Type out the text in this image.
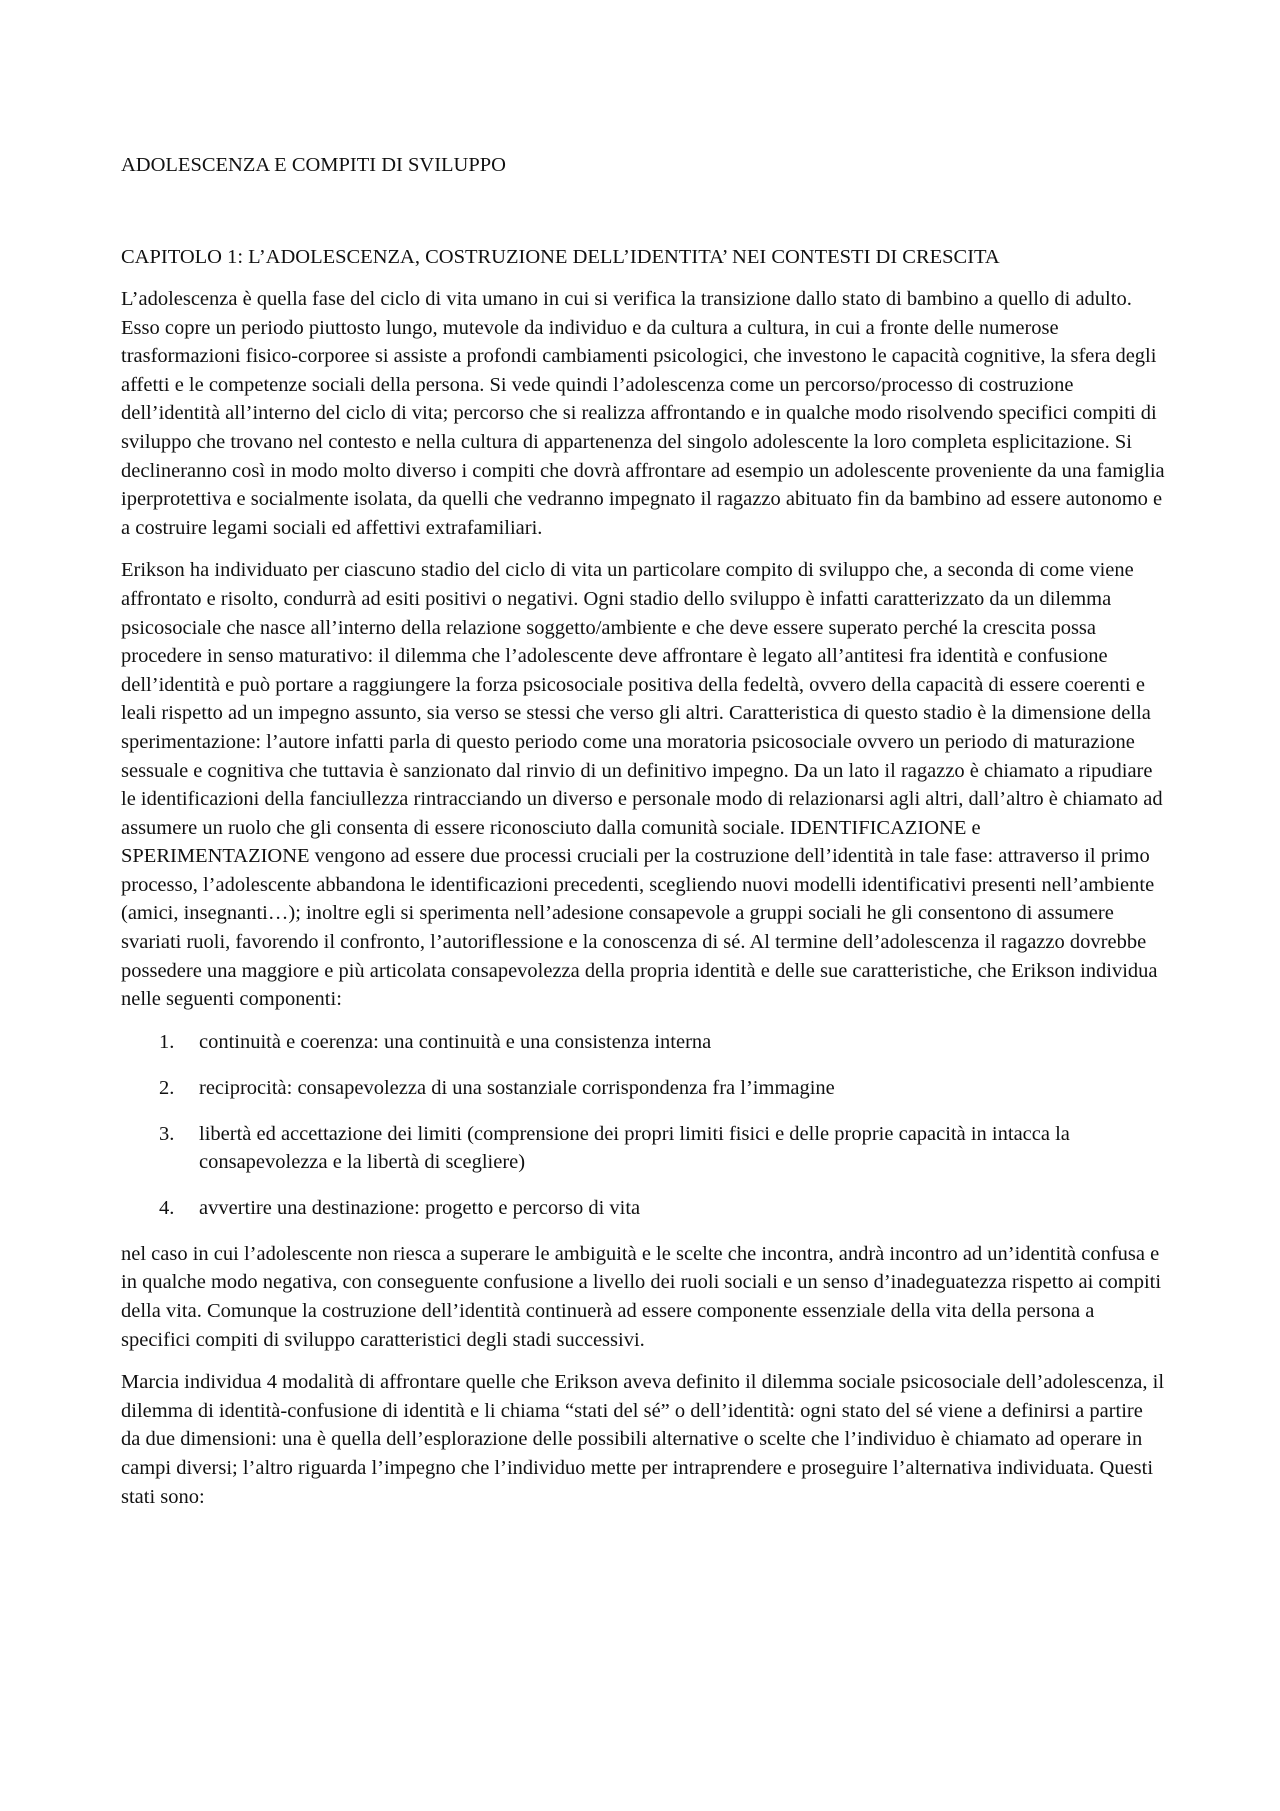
ADOLESCENZA E COMPITI DI SVILUPPO
CAPITOLO 1: L’ADOLESCENZA, COSTRUZIONE DELL’IDENTITA’ NEI CONTESTI DI CRESCITA

L’adolescenza è quella fase del ciclo di vita umano in cui si verifica la transizione dallo stato di bambino a quello di adulto. Esso copre un periodo piuttosto lungo, mutevole da individuo e da cultura a cultura, in cui a fronte delle numerose trasformazioni fisico-corporee si assiste a profondi cambiamenti psicologici, che investono le capacità cognitive, la sfera degli affetti e le competenze sociali della persona. Si vede quindi l’adolescenza come un percorso/processo di costruzione dell’identità all’interno del ciclo di vita; percorso che si realizza affrontando e in qualche modo risolvendo specifici compiti di sviluppo che trovano nel contesto e nella cultura di appartenenza del singolo adolescente la loro completa esplicitazione. Si declineranno così in modo molto diverso i compiti che dovrà affrontare ad esempio un adolescente proveniente da una famiglia iperprotettiva e socialmente isolata, da quelli che vedranno impegnato il ragazzo abituato fin da bambino ad essere autonomo e a costruire legami sociali ed affettivi extrafamiliari.

Erikson ha individuato per ciascuno stadio del ciclo di vita un particolare compito di sviluppo che, a seconda di come viene affrontato e risolto, condurrà ad esiti positivi o negativi. Ogni stadio dello sviluppo è infatti caratterizzato da un dilemma psicosociale che nasce all’interno della relazione soggetto/ambiente e che deve essere superato perché la crescita possa procedere in senso maturativo: il dilemma che l’adolescente deve affrontare è legato all’antitesi fra identità e confusione dell’identità e può portare a raggiungere la forza psicosociale positiva della fedeltà, ovvero della capacità di essere coerenti e leali rispetto ad un impegno assunto, sia verso se stessi che verso gli altri. Caratteristica di questo stadio è la dimensione della sperimentazione: l’autore infatti parla di questo periodo come una moratoria psicosociale ovvero un periodo di maturazione sessuale e cognitiva che tuttavia è sanzionato dal rinvio di un definitivo impegno. Da un lato il ragazzo è chiamato a ripudiare le identificazioni della fanciullezza rintracciando un diverso e personale modo di relazionarsi agli altri, dall’altro è chiamato ad assumere un ruolo che gli consenta di essere riconosciuto dalla comunità sociale. IDENTIFICAZIONE e SPERIMENTAZIONE vengono ad essere due processi cruciali per la costruzione dell’identità in tale fase: attraverso il primo processo, l’adolescente abbandona le identificazioni precedenti, scegliendo nuovi modelli identificativi presenti nell’ambiente (amici, insegnanti…); inoltre egli si sperimenta nell’adesione consapevole a gruppi sociali he gli consentono di assumere svariati ruoli, favorendo il confronto, l’autoriflessione e la conoscenza di sé. Al termine dell’adolescenza il ragazzo dovrebbe possedere una maggiore e più articolata consapevolezza della propria identità e delle sue caratteristiche, che Erikson individua nelle seguenti componenti:

1. continuità e coerenza: una continuità e una consistenza interna
2. reciprocità: consapevolezza di una sostanziale corrispondenza fra l’immagine
3. libertà ed accettazione dei limiti (comprensione dei propri limiti fisici e delle proprie capacità in intacca la consapevolezza e la libertà di scegliere)
4. avvertire una destinazione: progetto e percorso di vita

nel caso in cui l’adolescente non riesca a superare le ambiguità e le scelte che incontra, andrà incontro ad un’identità confusa e in qualche modo negativa, con conseguente confusione a livello dei ruoli sociali e un senso d’inadeguatezza rispetto ai compiti della vita. Comunque la costruzione dell’identità continuerà ad essere componente essenziale della vita della persona a specifici compiti di sviluppo caratteristici degli stadi successivi.

Marcia individua 4 modalità di affrontare quelle che Erikson aveva definito il dilemma sociale psicosociale dell’adolescenza, il dilemma di identità-confusione di identità e li chiama “stati del sé” o dell’identità: ogni stato del sé viene a definirsi a partire da due dimensioni: una è quella dell’esplorazione delle possibili alternative o scelte che l’individuo è chiamato ad operare in campi diversi; l’altro riguarda l’impegno che l’individuo mette per intraprendere e proseguire l’alternativa individuata. Questi stati sono:
